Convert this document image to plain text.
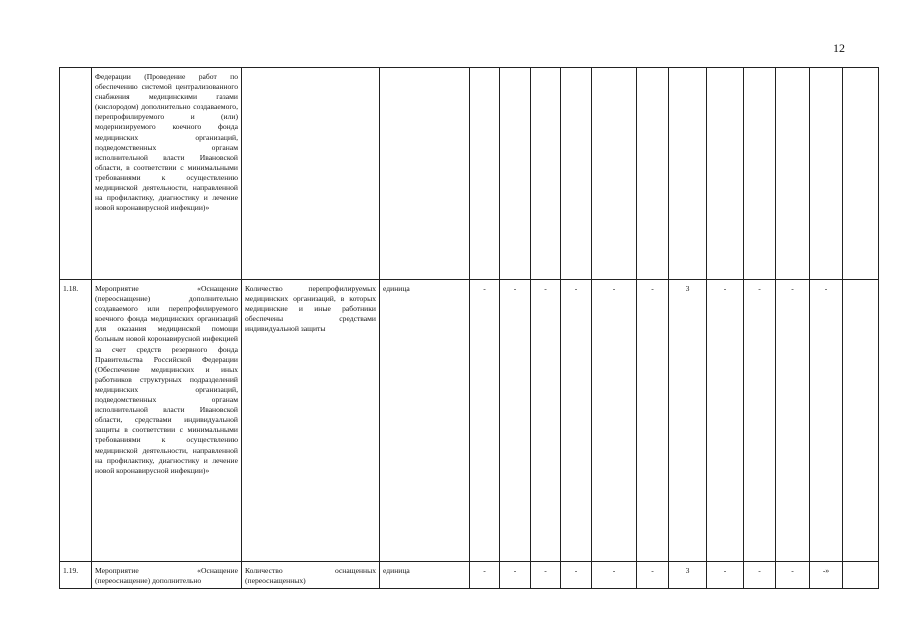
12
	Федерации (Проведение работ по обеспечению системой централизованного снабжения медицинскими газами (кислородом) дополнительно создаваемого, перепрофилируемого и (или) модернизируемого коечного фонда медицинских организаций, подведомственных органам исполнительной власти Ивановской области, в соответствии с минимальными требованиями к осуществлению медицинской деятельности, направленной на профилактику, диагностику и лечение новой коронавирусной инфекции)»														
1.18.	Мероприятие «Оснащение (переоснащение) дополнительно создаваемого или перепрофилируемого коечного фонда медицинских организаций для оказания медицинской помощи больным новой коронавирусной инфекцией за счет средств резервного фонда Правительства Российской Федерации (Обеспечение медицинских и иных работников структурных подразделений медицинских организаций, подведомственных органам исполнительной власти Ивановской области, средствами индивидуальной защиты в соответствии с минимальными требованиями к осуществлению медицинской деятельности, направленной на профилактику, диагностику и лечение новой коронавирусной инфекции)»	Количество перепрофилируемых медицинских организаций, в которых медицинские и иные работники обеспечены средствами индивидуальной защиты	единица	-	-	-	-	-	-	3	-	-	-	-	
1.19.	Мероприятие «Оснащение (переоснащение) дополнительно	Количество оснащенных (переоснащенных)	единица	-	-	-	-	-	-	3	-	-	-	-»	
